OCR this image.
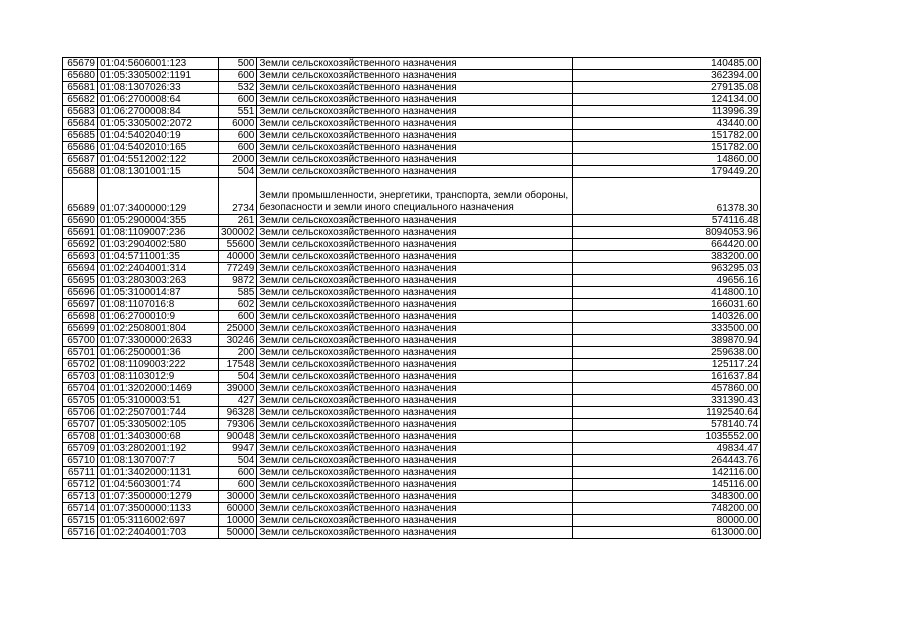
65679	01:04:5606001:123	500	Земли сельскохозяйственного назначения	140485.00
65680	01:05:3305002:1191	600	Земли сельскохозяйственного назначения	362394.00
65681	01:08:1307026:33	532	Земли сельскохозяйственного назначения	279135.08
65682	01:06:2700008:64	600	Земли сельскохозяйственного назначения	124134.00
65683	01:06:2700008:84	551	Земли сельскохозяйственного назначения	113996.39
65684	01:05:3305002:2072	6000	Земли сельскохозяйственного назначения	43440.00
65685	01:04:5402040:19	600	Земли сельскохозяйственного назначения	151782.00
65686	01:04:5402010:165	600	Земли сельскохозяйственного назначения	151782.00
65687	01:04:5512002:122	2000	Земли сельскохозяйственного назначения	14860.00
65688	01:08:1301001:15	504	Земли сельскохозяйственного назначения	179449.20
65689	01:07:3400000:129	2734	Земли промышленности, энергетики, транспорта, земли обороны, безопасности и земли иного специального назначения	61378.30
65690	01:05:2900004:355	261	Земли сельскохозяйственного назначения	574116.48
65691	01:08:1109007:236	300002	Земли сельскохозяйственного назначения	8094053.96
65692	01:03:2904002:580	55600	Земли сельскохозяйственного назначения	664420.00
65693	01:04:5711001:35	40000	Земли сельскохозяйственного назначения	383200.00
65694	01:02:2404001:314	77249	Земли сельскохозяйственного назначения	963295.03
65695	01:03:2803003:263	9872	Земли сельскохозяйственного назначения	49656.16
65696	01:05:3100014:87	585	Земли сельскохозяйственного назначения	414800.10
65697	01:08:1107016:8	602	Земли сельскохозяйственного назначения	166031.60
65698	01:06:2700010:9	600	Земли сельскохозяйственного назначения	140326.00
65699	01:02:2508001:804	25000	Земли сельскохозяйственного назначения	333500.00
65700	01:07:3300000:2633	30246	Земли сельскохозяйственного назначения	389870.94
65701	01:06:2500001:36	200	Земли сельскохозяйственного назначения	259638.00
65702	01:08:1109003:222	17548	Земли сельскохозяйственного назначения	125117.24
65703	01:08:1103012:9	504	Земли сельскохозяйственного назначения	161637.84
65704	01:01:3202000:1469	39000	Земли сельскохозяйственного назначения	457860.00
65705	01:05:3100003:51	427	Земли сельскохозяйственного назначения	331390.43
65706	01:02:2507001:744	96328	Земли сельскохозяйственного назначения	1192540.64
65707	01:05:3305002:105	79306	Земли сельскохозяйственного назначения	578140.74
65708	01:01:3403000:68	90048	Земли сельскохозяйственного назначения	1035552.00
65709	01:03:2802001:192	9947	Земли сельскохозяйственного назначения	49834.47
65710	01:08:1307007:7	504	Земли сельскохозяйственного назначения	264443.76
65711	01:01:3402000:1131	600	Земли сельскохозяйственного назначения	142116.00
65712	01:04:5603001:74	600	Земли сельскохозяйственного назначения	145116.00
65713	01:07:3500000:1279	30000	Земли сельскохозяйственного назначения	348300.00
65714	01:07:3500000:1133	60000	Земли сельскохозяйственного назначения	748200.00
65715	01:05:3116002:697	10000	Земли сельскохозяйственного назначения	80000.00
65716	01:02:2404001:703	50000	Земли сельскохозяйственного назначения	613000.00
